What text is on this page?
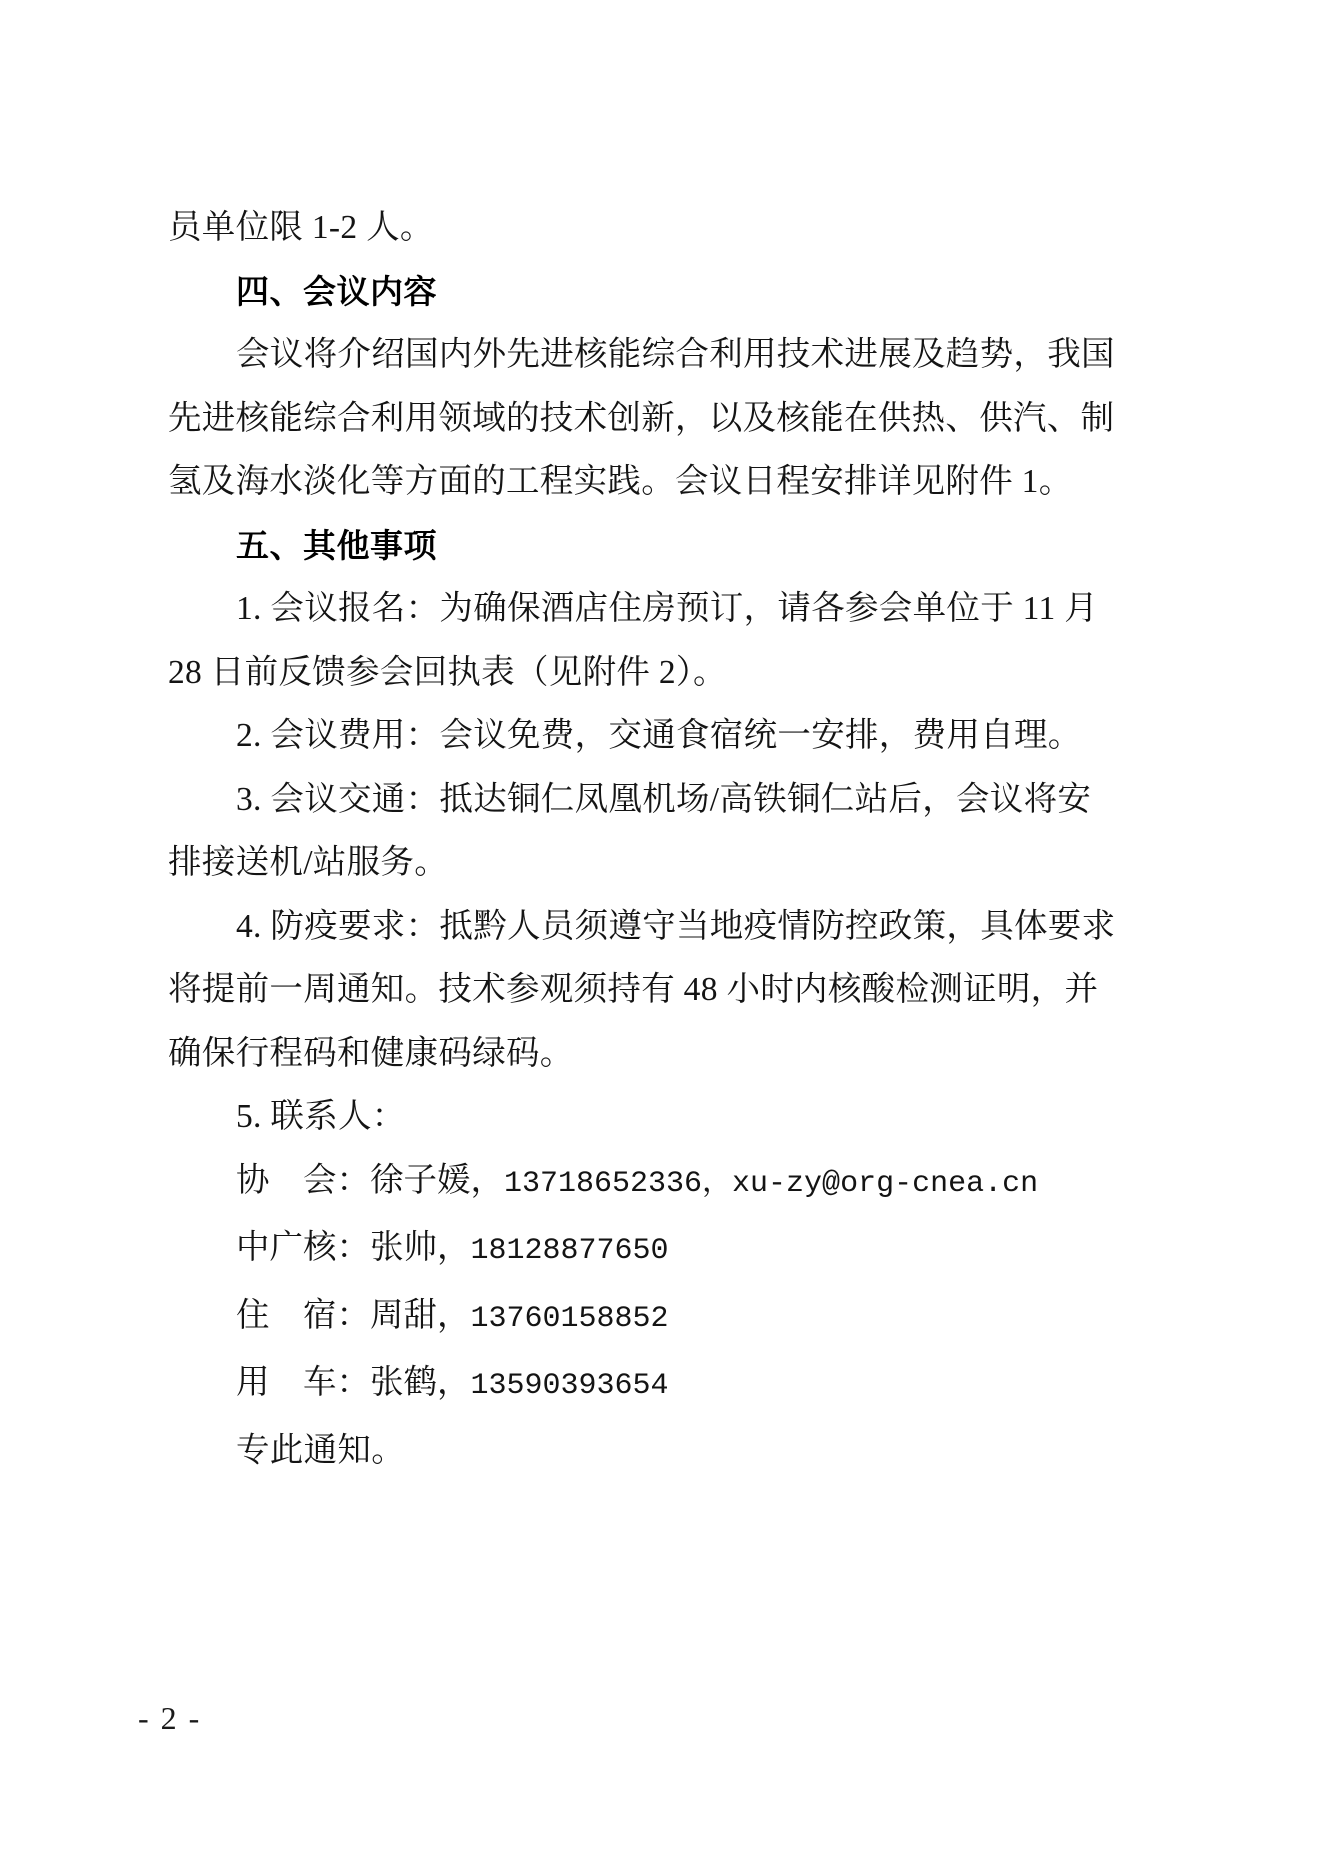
员单位限 1-2 人。
四、会议内容
会议将介绍国内外先进核能综合利用技术进展及趋势，我国
先进核能综合利用领域的技术创新，以及核能在供热、供汽、制
氢及海水淡化等方面的工程实践。会议日程安排详见附件 1。
五、其他事项
1. 会议报名：为确保酒店住房预订，请各参会单位于 11 月
28 日前反馈参会回执表（见附件 2）。
2. 会议费用：会议免费，交通食宿统一安排，费用自理。
3. 会议交通：抵达铜仁凤凰机场/高铁铜仁站后，会议将安
排接送机/站服务。
4. 防疫要求：抵黔人员须遵守当地疫情防控政策，具体要求
将提前一周通知。技术参观须持有 48 小时内核酸检测证明，并
确保行程码和健康码绿码。
5. 联系人：
协　会：徐子媛，13718652336，xu-zy@org-cnea.cn
中广核：张帅，18128877650
住　宿：周甜，13760158852
用　车：张鹤，13590393654
专此通知。
- 2 -
